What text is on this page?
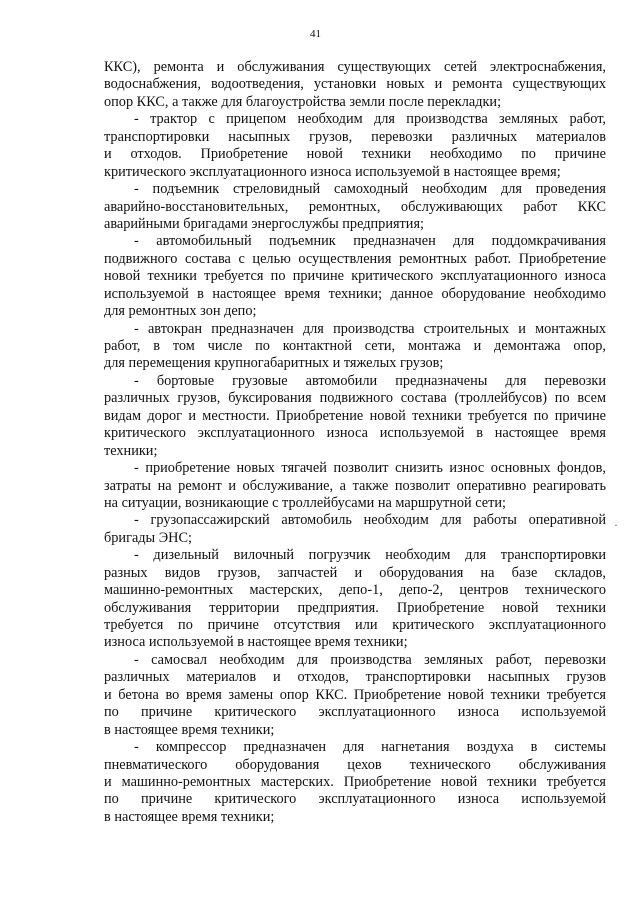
41
ККС), ремонта и обслуживания существующих сетей электроснабжения,
водоснабжения, водоотведения, установки новых и ремонта существующих
опор ККС, а также для благоустройства земли после перекладки;
- трактор с прицепом необходим для производства земляных работ,
транспортировки насыпных грузов, перевозки различных материалов
и отходов. Приобретение новой техники необходимо по причине
критического эксплуатационного износа используемой в настоящее время;
- подъемник стреловидный самоходный необходим для проведения
аварийно-восстановительных, ремонтных, обслуживающих работ ККС
аварийными бригадами энергослужбы предприятия;
- автомобильный подъемник предназначен для поддомкрачивания
подвижного состава с целью осуществления ремонтных работ. Приобретение
новой техники требуется по причине критического эксплуатационного износа
используемой в настоящее время техники; данное оборудование необходимо
для ремонтных зон депо;
- автокран предназначен для производства строительных и монтажных
работ, в том числе по контактной сети, монтажа и демонтажа опор,
для перемещения крупногабаритных и тяжелых грузов;
- бортовые грузовые автомобили предназначены для перевозки
различных грузов, буксирования подвижного состава (троллейбусов) по всем
видам дорог и местности. Приобретение новой техники требуется по причине
критического эксплуатационного износа используемой в настоящее время
техники;
- приобретение новых тягачей позволит снизить износ основных фондов,
затраты на ремонт и обслуживание, а также позволит оперативно реагировать
на ситуации, возникающие с троллейбусами на маршрутной сети;
- грузопассажирский автомобиль необходим для работы оперативной
бригады ЭНС;
- дизельный вилочный погрузчик необходим для транспортировки
разных видов грузов, запчастей и оборудования на базе складов,
машинно-ремонтных мастерских, депо-1, депо-2, центров технического
обслуживания территории предприятия. Приобретение новой техники
требуется по причине отсутствия или критического эксплуатационного
износа используемой в настоящее время техники;
- самосвал необходим для производства земляных работ, перевозки
различных материалов и отходов, транспортировки насыпных грузов
и бетона во время замены опор ККС. Приобретение новой техники требуется
по причине критического эксплуатационного износа используемой
в настоящее время техники;
- компрессор предназначен для нагнетания воздуха в системы
пневматического оборудования цехов технического обслуживания
и машинно-ремонтных мастерских. Приобретение новой техники требуется
по причине критического эксплуатационного износа используемой
в настоящее время техники;
·
